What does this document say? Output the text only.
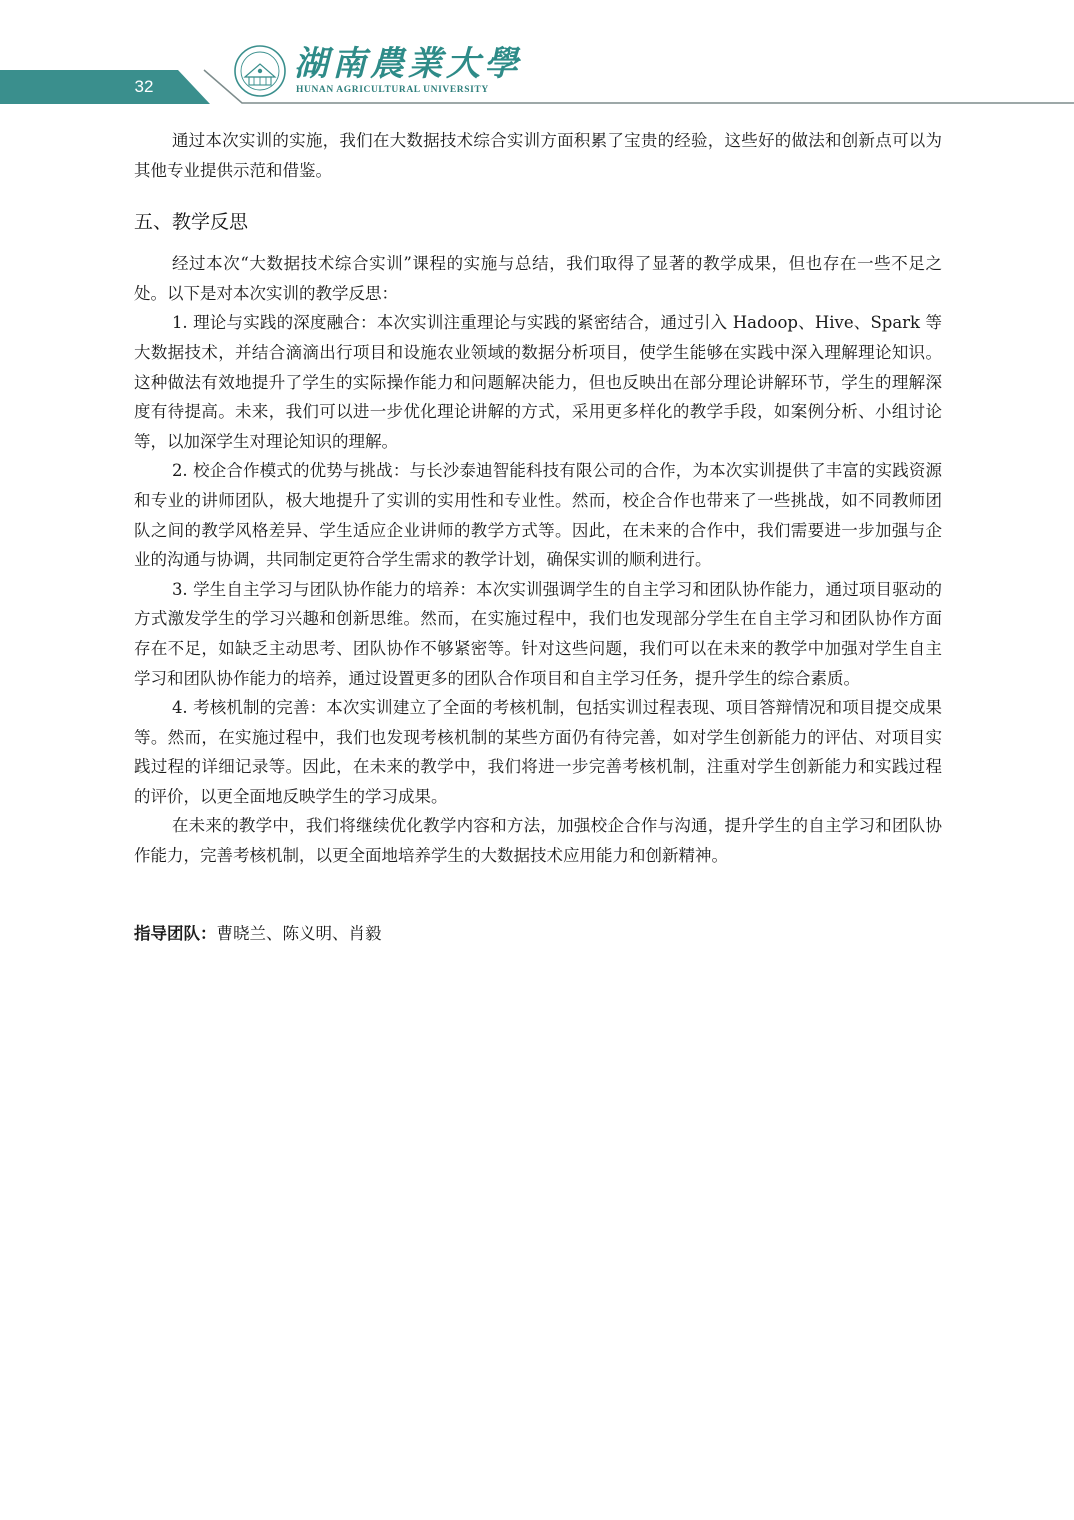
32
湖南農業大學
HUNAN AGRICULTURAL UNIVERSITY

通过本次实训的实施，我们在大数据技术综合实训方面积累了宝贵的经验，这些好的做法和创新点可以为其他专业提供示范和借鉴。

五、教学反思

经过本次“大数据技术综合实训”课程的实施与总结，我们取得了显著的教学成果，但也存在一些不足之处。以下是对本次实训的教学反思：

1. 理论与实践的深度融合：本次实训注重理论与实践的紧密结合，通过引入 Hadoop、Hive、Spark 等大数据技术，并结合滴滴出行项目和设施农业领域的数据分析项目，使学生能够在实践中深入理解理论知识。这种做法有效地提升了学生的实际操作能力和问题解决能力，但也反映出在部分理论讲解环节，学生的理解深度有待提高。未来，我们可以进一步优化理论讲解的方式，采用更多样化的教学手段，如案例分析、小组讨论等，以加深学生对理论知识的理解。

2. 校企合作模式的优势与挑战：与长沙泰迪智能科技有限公司的合作，为本次实训提供了丰富的实践资源和专业的讲师团队，极大地提升了实训的实用性和专业性。然而，校企合作也带来了一些挑战，如不同教师团队之间的教学风格差异、学生适应企业讲师的教学方式等。因此，在未来的合作中，我们需要进一步加强与企业的沟通与协调，共同制定更符合学生需求的教学计划，确保实训的顺利进行。

3. 学生自主学习与团队协作能力的培养：本次实训强调学生的自主学习和团队协作能力，通过项目驱动的方式激发学生的学习兴趣和创新思维。然而，在实施过程中，我们也发现部分学生在自主学习和团队协作方面存在不足，如缺乏主动思考、团队协作不够紧密等。针对这些问题，我们可以在未来的教学中加强对学生自主学习和团队协作能力的培养，通过设置更多的团队合作项目和自主学习任务，提升学生的综合素质。

4. 考核机制的完善：本次实训建立了全面的考核机制，包括实训过程表现、项目答辩情况和项目提交成果等。然而，在实施过程中，我们也发现考核机制的某些方面仍有待完善，如对学生创新能力的评估、对项目实践过程的详细记录等。因此，在未来的教学中，我们将进一步完善考核机制，注重对学生创新能力和实践过程的评价，以更全面地反映学生的学习成果。

在未来的教学中，我们将继续优化教学内容和方法，加强校企合作与沟通，提升学生的自主学习和团队协作能力，完善考核机制，以更全面地培养学生的大数据技术应用能力和创新精神。

指导团队：曹晓兰、陈义明、肖毅
